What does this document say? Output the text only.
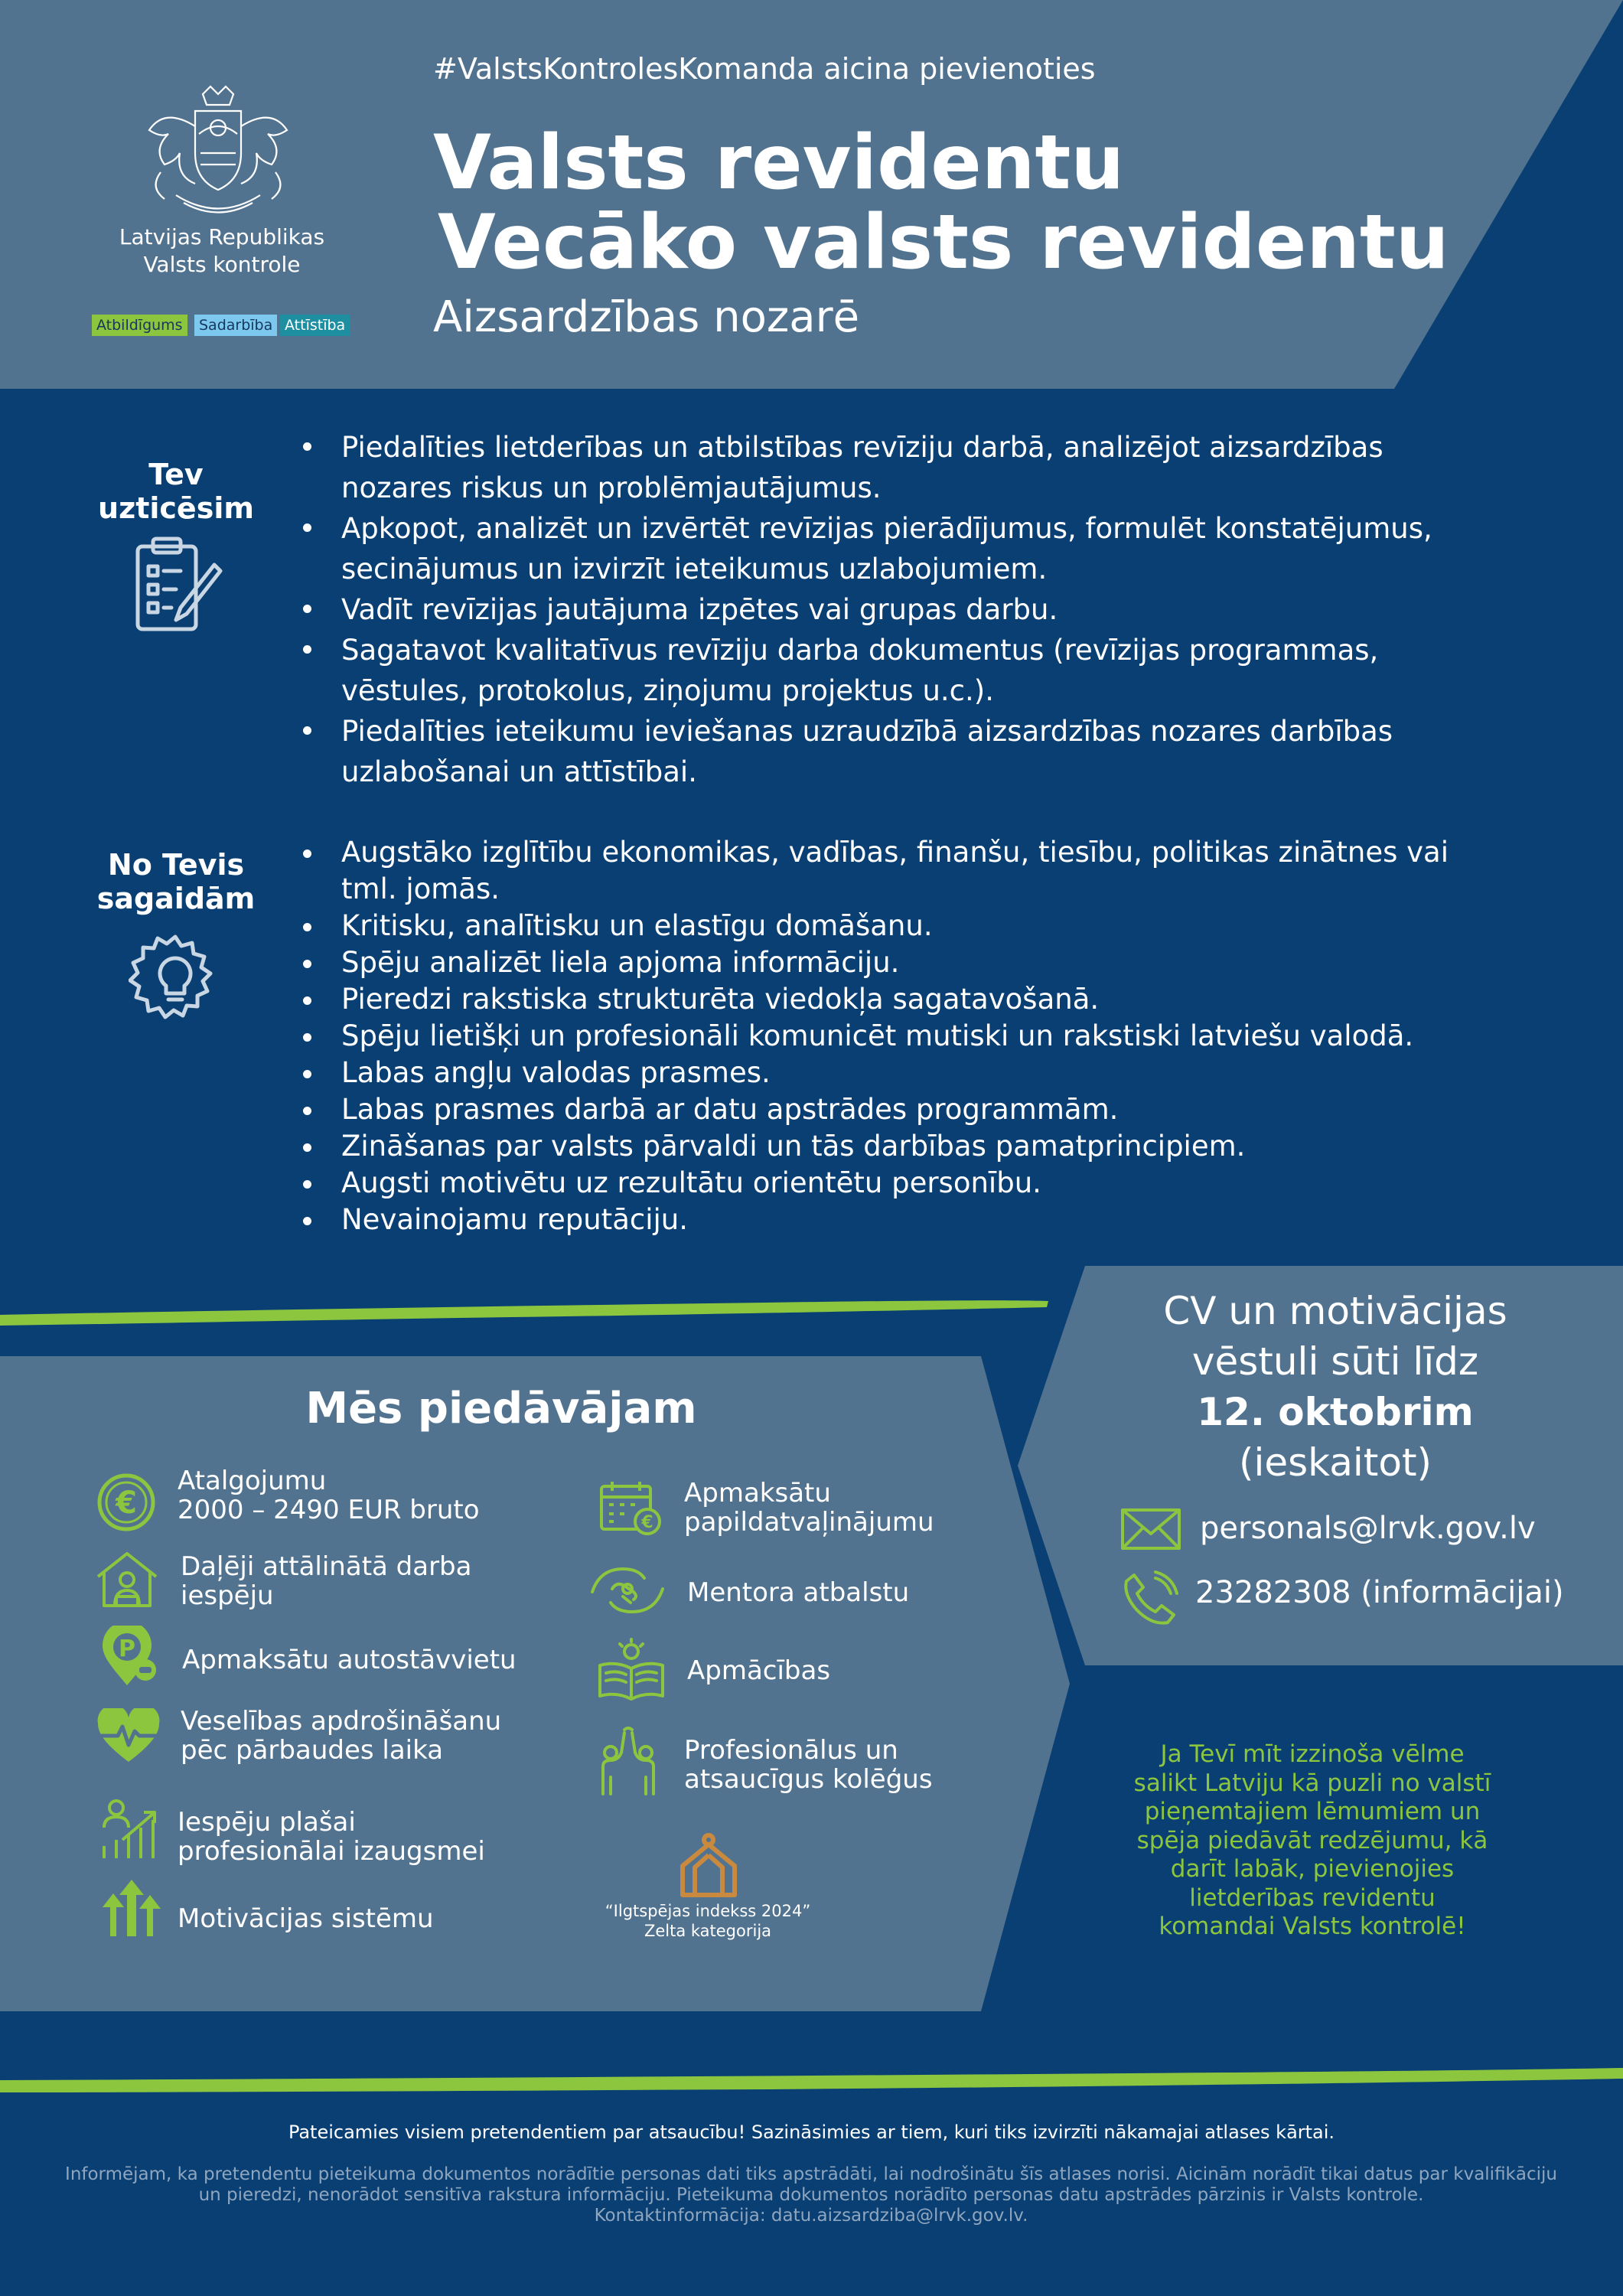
Latvijas Republikas
Valsts kontrole
Atbildīgums	Sadarbība Attīstība
#ValstsKontrolesKomanda aicina pievienoties
Valsts revidentu
Vecāko valsts revidentu
Aizsardzības nozarē
Tev
uzticēsim
Piedalīties lietderības un atbilstības revīziju darbā, analizējot aizsardzības nozares riskus un problēmjautājumus.
Apkopot, analizēt un izvērtēt revīzijas pierādījumus, formulēt konstatējumus, secinājumus un izvirzīt ieteikumus uzlabojumiem.
Vadīt revīzijas jautājuma izpētes vai grupas darbu.
Sagatavot kvalitatīvus revīziju darba dokumentus (revīzijas programmas, vēstules, protokolus, ziņojumu projektus u.c.).
Piedalīties ieteikumu ieviešanas uzraudzībā aizsardzības nozares darbības uzlabošanai un attīstībai.
No Tevis
sagaidām
Augstāko izglītību ekonomikas, vadības, finanšu, tiesību, politikas zinātnes vai tml. jomās.
Kritisku, analītisku un elastīgu domāšanu.
Spēju analizēt liela apjoma informāciju.
Pieredzi rakstiska strukturēta viedokļa sagatavošanā.
Spēju lietišķi un profesionāli komunicēt mutiski un rakstiski latviešu valodā.
Labas angļu valodas prasmes.
Labas prasmes darbā ar datu apstrādes programmām.
Zināšanas par valsts pārvaldi un tās darbības pamatprincipiem.
Augsti motivētu uz rezultātu orientētu personību.
Nevainojamu reputāciju.
Mēs piedāvājam
€
Atalgojumu
2000 – 2490 EUR bruto
Daļēji attālinātā darba
iespēju
P Apmaksātu autostāvvietu
Veselības apdrošināšanu
pēc pārbaudes laika
Iespēju plašai
profesionālai izaugsmei
Motivācijas sistēmu
€
Apmaksātu
papildatvaļinājumu
Mentora atbalstu
Apmācības
Profesionālus un
atsaucīgus kolēģus
“Ilgtspējas indekss 2024”
Zelta kategorija
CV un motivācijas
vēstuli sūti līdz
12. oktobrim
(ieskaitot)
personals@lrvk.gov.lv
23282308 (informācijai)
Ja Tevī mīt izzinoša vēlme salikt Latviju kā puzli no valstī pieņemtajiem lēmumiem un spēja piedāvāt redzējumu, kā darīt labāk, pievienojies lietderības revidentu komandai Valsts kontrolē!
Pateicamies visiem pretendentiem par atsaucību! Sazināsimies ar tiem, kuri tiks izvirzīti nākamajai atlases kārtai.
Informējam, ka pretendentu pieteikuma dokumentos norādītie personas dati tiks apstrādāti, lai nodrošinātu šīs atlases norisi. Aicinām norādīt tikai datus par kvalifikāciju un pieredzi, nenorādot sensitīva rakstura informāciju. Pieteikuma dokumentos norādīto personas datu apstrādes pārzinis ir Valsts kontrole.
Kontaktinformācija: datu.aizsardziba@lrvk.gov.lv.
